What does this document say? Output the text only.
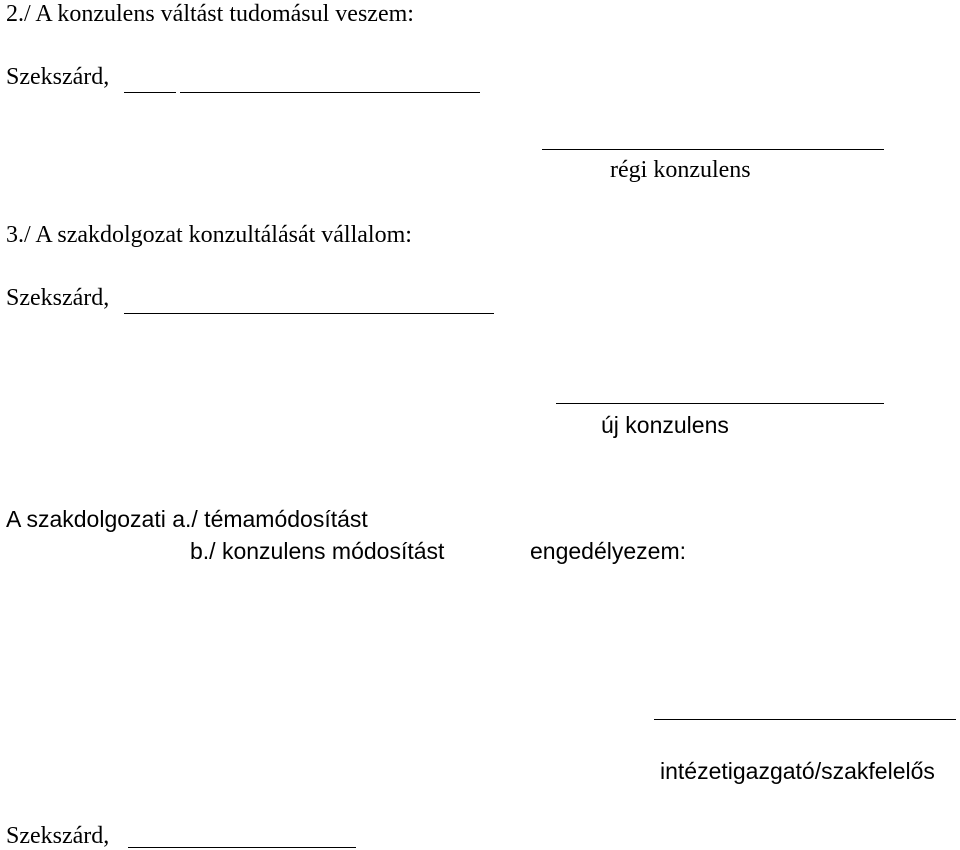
2./ A konzulens váltást tudomásul veszem:
Szekszárd,
régi konzulens
3./ A szakdolgozat konzultálását vállalom:
Szekszárd,
új konzulens
A szakdolgozati a./ témamódosítást
b./ konzulens módosítást	engedélyezem:
intézetigazgató/szakfelelős
Szekszárd,
